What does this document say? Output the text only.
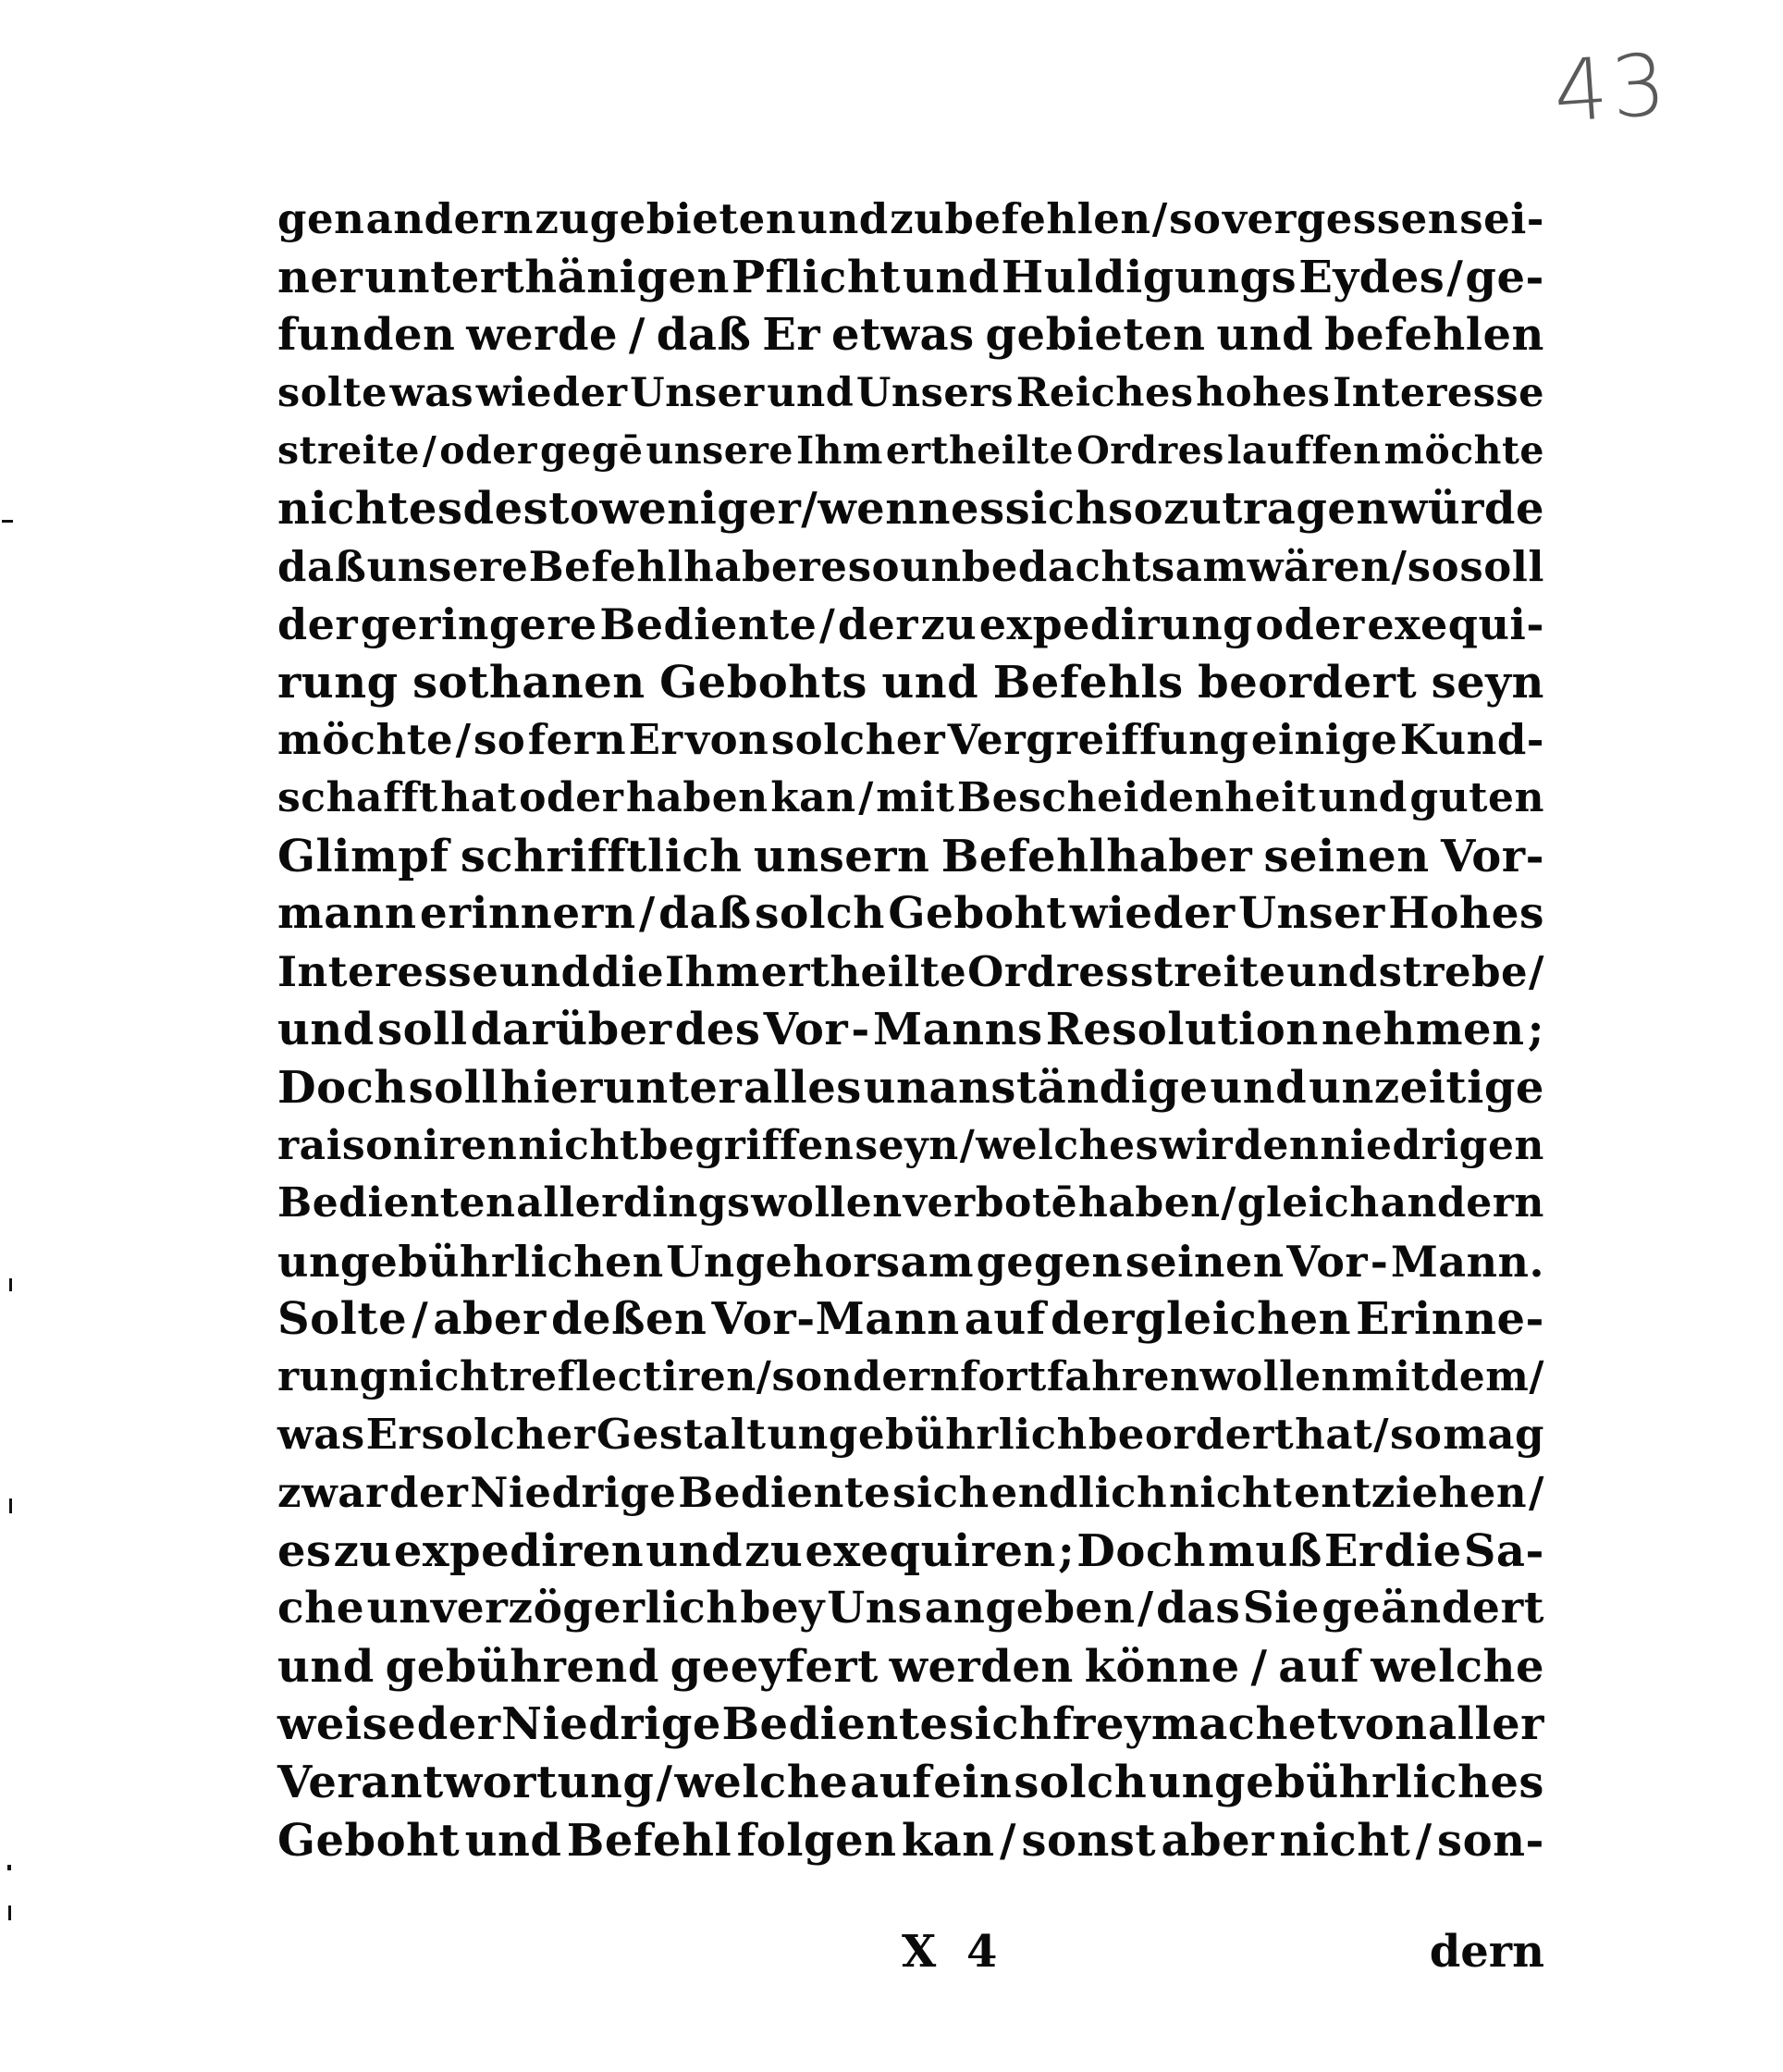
43
gen andern zugebieten und zubefehlen / so vergessen sei-
ner unterthänigen Pflicht und Huldigungs Eydes / ge-
funden werde / daß Er etwas gebieten und befehlen
solte was wieder Unser und Unsers Reiches hohes Interesse
streite / oder gegē unsere Ihm ertheilte Ordres lauffen möchte
nichtes desto weniger / wenn es sich so zutragen würde
daß unsere Befehlhabere so unbedachtsam wären / so soll
der geringere Bediente / der zu expedirung oder exequi-
rung sothanen Gebohts und Befehls beordert seyn
möchte / so fern Er von solcher Vergreiffung einige Kund-
schafft hat oder haben kan / mit Bescheidenheit und guten
Glimpf schrifftlich unsern Befehlhaber seinen Vor-
mann erinnern / daß solch Geboht wieder Unser Hohes
Interesse und die Ihm ertheilte Ordres streite und strebe /
und soll darüber des Vor - Manns Resolution nehmen ;
Doch soll hierunter alles unanständige und unzeitige
raisoniren nicht begriffen seyn / welches wir den niedrigen
Bedienten allerdings wollen verbotē haben / gleich andern
ungebührlichen Ungehorsam gegen seinen Vor - Mann.
Solte / aber deßen Vor-Mann auf dergleichen Erinne-
rung nicht reflectiren / sondern fortfahren wollen mit dem /
was Er solcher Gestalt ungebührlich beordert hat / so mag
zwar der Niedrige Bediente sich endlich nicht entziehen /
es zu expediren und zu exequiren ; Doch muß Er die Sa-
che unverzögerlich bey Uns angeben / das Sie geändert
und gebührend geeyfert werden könne / auf welche
weise der Niedrige Bediente sich frey machet von aller
Verantwortung / welche auf ein solch ungebührliches
Geboht und Befehl folgen kan / sonst aber nicht / son-
X 4	dern
